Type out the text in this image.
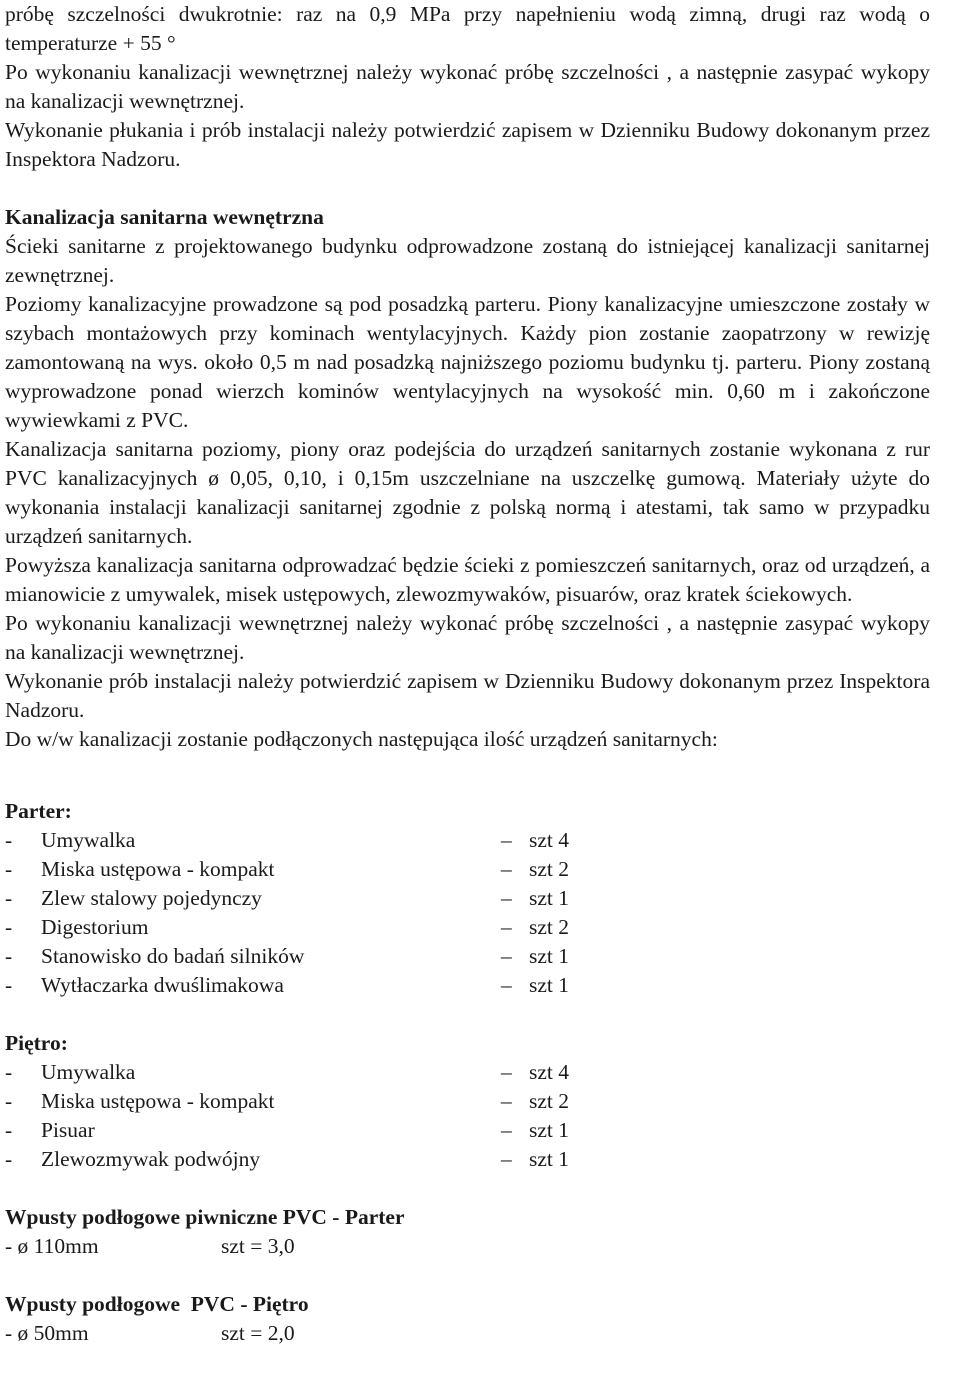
próbę szczelności dwukrotnie: raz na 0,9 MPa przy napełnieniu wodą zimną, drugi raz wodą o temperaturze + 55 °

Po wykonaniu kanalizacji wewnętrznej należy wykonać próbę szczelności , a następnie zasypać wykopy na kanalizacji wewnętrznej.

Wykonanie płukania i prób instalacji należy potwierdzić zapisem w Dzienniku Budowy dokonanym przez Inspektora Nadzoru.

Kanalizacja sanitarna wewnętrzna

Ścieki sanitarne z projektowanego budynku odprowadzone zostaną do istniejącej kanalizacji sanitarnej zewnętrznej.

Poziomy kanalizacyjne prowadzone są pod posadzką parteru. Piony kanalizacyjne umieszczone zostały w szybach montażowych przy kominach wentylacyjnych. Każdy pion zostanie zaopatrzony w rewizję zamontowaną na wys. około 0,5 m nad posadzką najniższego poziomu budynku tj. parteru. Piony zostaną wyprowadzone ponad wierzch kominów wentylacyjnych na wysokość min. 0,60 m i zakończone wywiewkami z PVC.

Kanalizacja sanitarna poziomy, piony oraz podejścia do urządzeń sanitarnych zostanie wykonana z rur PVC kanalizacyjnych ø 0,05, 0,10, i 0,15m uszczelniane na uszczelkę gumową. Materiały użyte do wykonania instalacji kanalizacji sanitarnej zgodnie z polską normą i atestami, tak samo w przypadku urządzeń sanitarnych.

Powyższa kanalizacja sanitarna odprowadzać będzie ścieki z pomieszczeń sanitarnych, oraz od urządzeń, a mianowicie z umywalek, misek ustępowych, zlewozmywaków, pisuarów, oraz kratek ściekowych.

Po wykonaniu kanalizacji wewnętrznej należy wykonać próbę szczelności , a następnie zasypać wykopy na kanalizacji wewnętrznej.

Wykonanie prób instalacji należy potwierdzić zapisem w Dzienniku Budowy dokonanym przez Inspektora Nadzoru.

Do w/w kanalizacji zostanie podłączonych następująca ilość urządzeń sanitarnych:

Parter:

-	Umywalka	– szt 4
-	Miska ustępowa - kompakt	– szt 2
-	Zlew stalowy pojedynczy	– szt 1
-	Digestorium	– szt 2
-	Stanowisko do badań silników	– szt 1
-	Wytłaczarka dwuślimakowa	– szt 1

Piętro:

-	Umywalka	– szt 4
-	Miska ustępowa - kompakt	– szt 2
-	Pisuar	– szt 1
-	Zlewozmywak podwójny	– szt 1

Wpusty podłogowe piwniczne PVC - Parter

- ø 110mm	szt = 3,0

Wpusty podłogowe  PVC - Piętro

- ø 50mm	szt = 2,0
